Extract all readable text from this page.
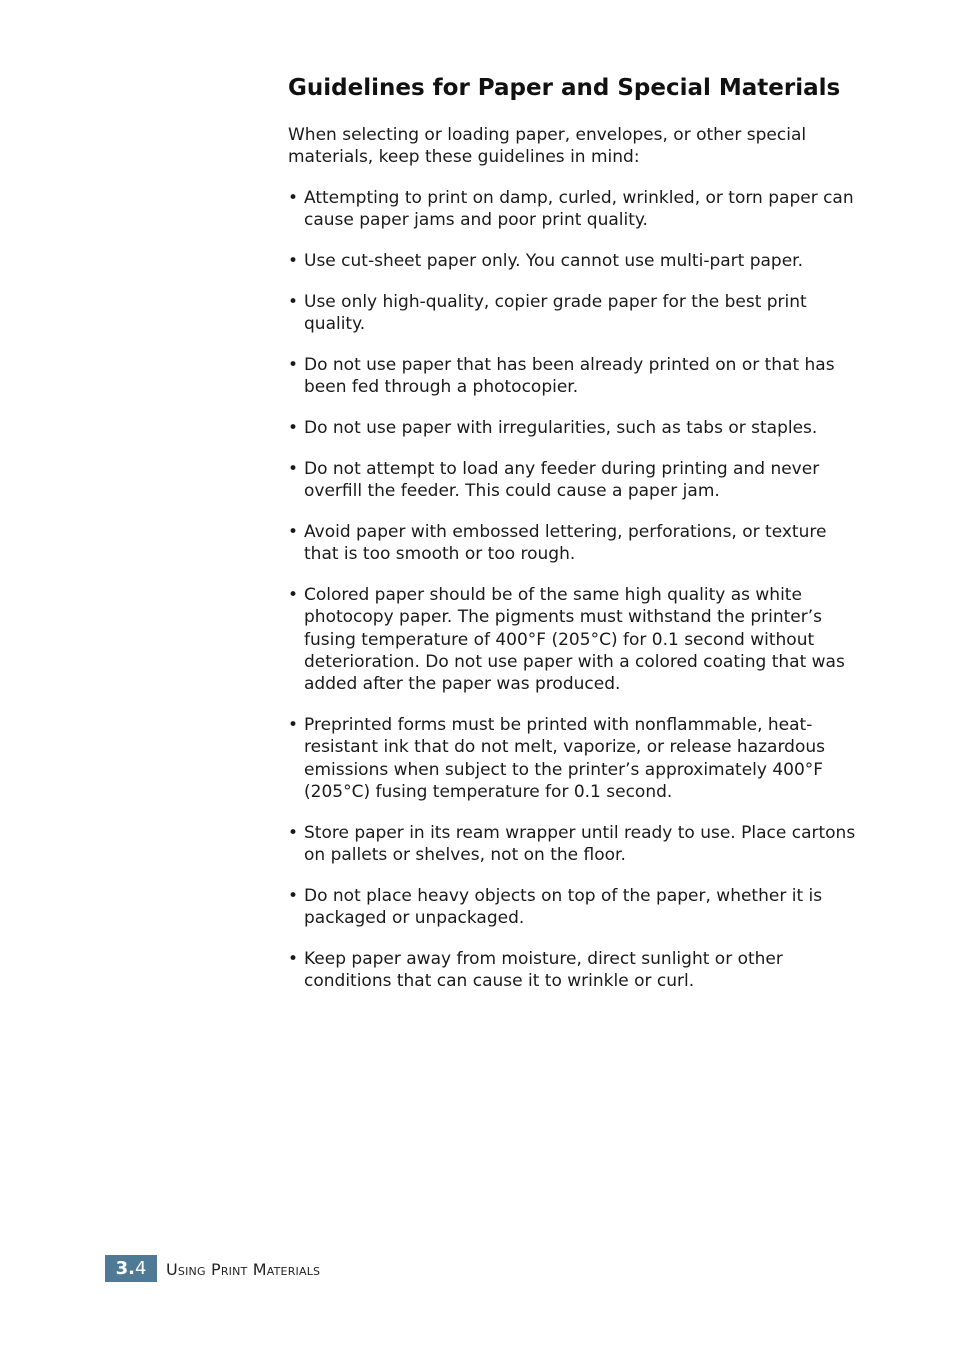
Guidelines for Paper and Special Materials

When selecting or loading paper, envelopes, or other special materials, keep these guidelines in mind:

• Attempting to print on damp, curled, wrinkled, or torn paper can cause paper jams and poor print quality.
• Use cut-sheet paper only. You cannot use multi-part paper.
• Use only high-quality, copier grade paper for the best print quality.
• Do not use paper that has been already printed on or that has been fed through a photocopier.
• Do not use paper with irregularities, such as tabs or staples.
• Do not attempt to load any feeder during printing and never overfill the feeder. This could cause a paper jam.
• Avoid paper with embossed lettering, perforations, or texture that is too smooth or too rough.
• Colored paper should be of the same high quality as white photocopy paper. The pigments must withstand the printer’s fusing temperature of 400°F (205°C) for 0.1 second without deterioration. Do not use paper with a colored coating that was added after the paper was produced.
• Preprinted forms must be printed with nonflammable, heat-resistant ink that do not melt, vaporize, or release hazardous emissions when subject to the printer’s approximately 400°F (205°C) fusing temperature for 0.1 second.
• Store paper in its ream wrapper until ready to use. Place cartons on pallets or shelves, not on the floor.
• Do not place heavy objects on top of the paper, whether it is packaged or unpackaged.
• Keep paper away from moisture, direct sunlight or other conditions that can cause it to wrinkle or curl.
3. 4 Using Print Materials
